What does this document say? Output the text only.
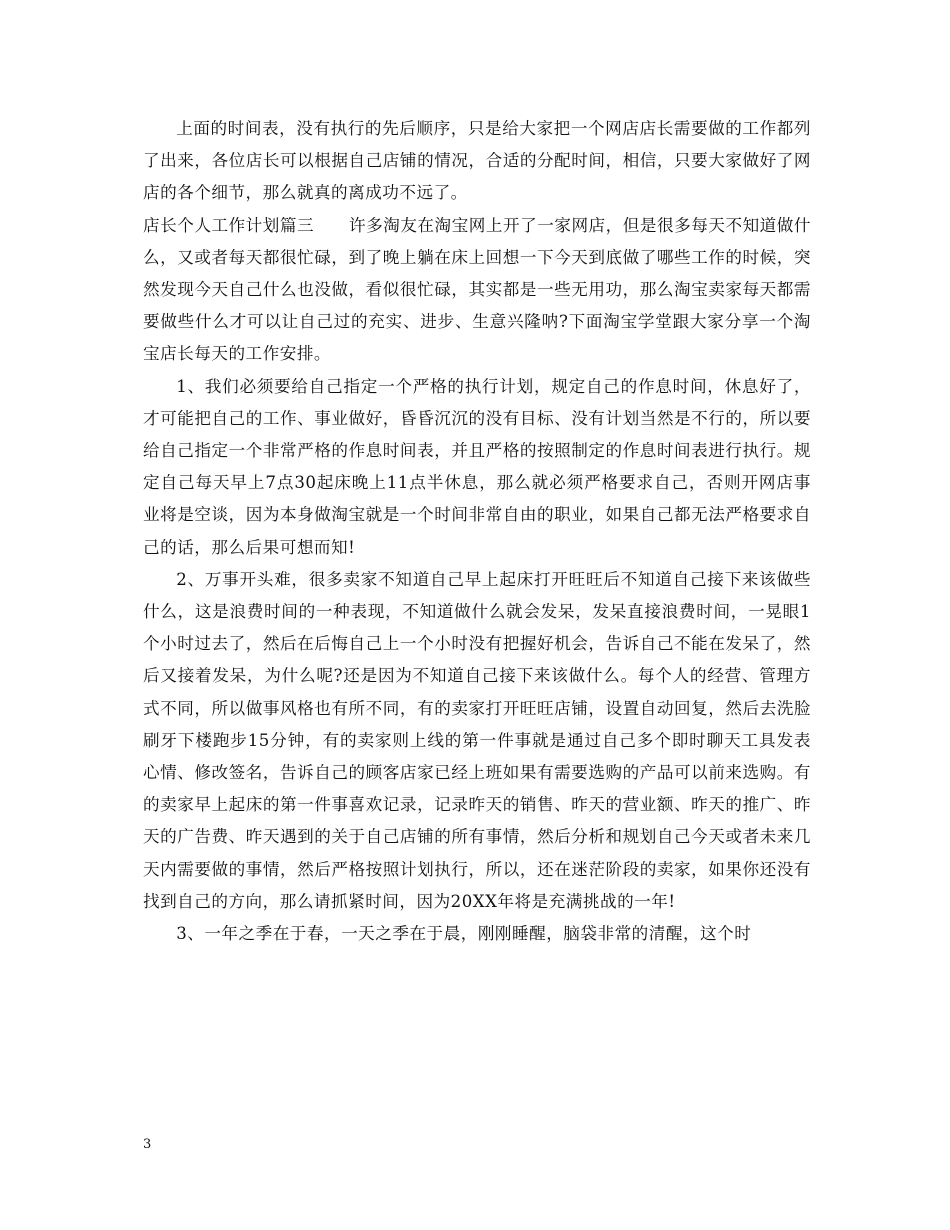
上面的时间表，没有执行的先后顺序，只是给大家把一个网店店长需要做的工作都列了出来，各位店长可以根据自己店铺的情况，合适的分配时间，相信，只要大家做好了网店的各个细节，那么就真的离成功不远了。

店长个人工作计划篇三 许多淘友在淘宝网上开了一家网店，但是很多每天不知道做什么，又或者每天都很忙碌，到了晚上躺在床上回想一下今天到底做了哪些工作的时候，突然发现今天自己什么也没做，看似很忙碌，其实都是一些无用功，那么淘宝卖家每天都需要做些什么才可以让自己过的充实、进步、生意兴隆呐?下面淘宝学堂跟大家分享一个淘宝店长每天的工作安排。

1、我们必须要给自己指定一个严格的执行计划，规定自己的作息时间，休息好了，才可能把自己的工作、事业做好，昏昏沉沉的没有目标、没有计划当然是不行的，所以要给自己指定一个非常严格的作息时间表，并且严格的按照制定的作息时间表进行执行。规定自己每天早上7点30起床晚上11点半休息，那么就必须严格要求自己，否则开网店事业将是空谈，因为本身做淘宝就是一个时间非常自由的职业，如果自己都无法严格要求自己的话，那么后果可想而知!

2、万事开头难，很多卖家不知道自己早上起床打开旺旺后不知道自己接下来该做些什么，这是浪费时间的一种表现，不知道做什么就会发呆，发呆直接浪费时间，一晃眼1个小时过去了，然后在后悔自己上一个小时没有把握好机会，告诉自己不能在发呆了，然后又接着发呆，为什么呢?还是因为不知道自己接下来该做什么。每个人的经营、管理方式不同，所以做事风格也有所不同，有的卖家打开旺旺店铺，设置自动回复，然后去洗脸刷牙下楼跑步15分钟，有的卖家则上线的第一件事就是通过自己多个即时聊天工具发表心情、修改签名，告诉自己的顾客店家已经上班如果有需要选购的产品可以前来选购。有的卖家早上起床的第一件事喜欢记录，记录昨天的销售、昨天的营业额、昨天的推广、昨天的广告费、昨天遇到的关于自己店铺的所有事情，然后分析和规划自己今天或者未来几天内需要做的事情，然后严格按照计划执行，所以，还在迷茫阶段的卖家，如果你还没有找到自己的方向，那么请抓紧时间，因为20XX年将是充满挑战的一年!

3、一年之季在于春，一天之季在于晨，刚刚睡醒，脑袋非常的清醒，这个时

3
